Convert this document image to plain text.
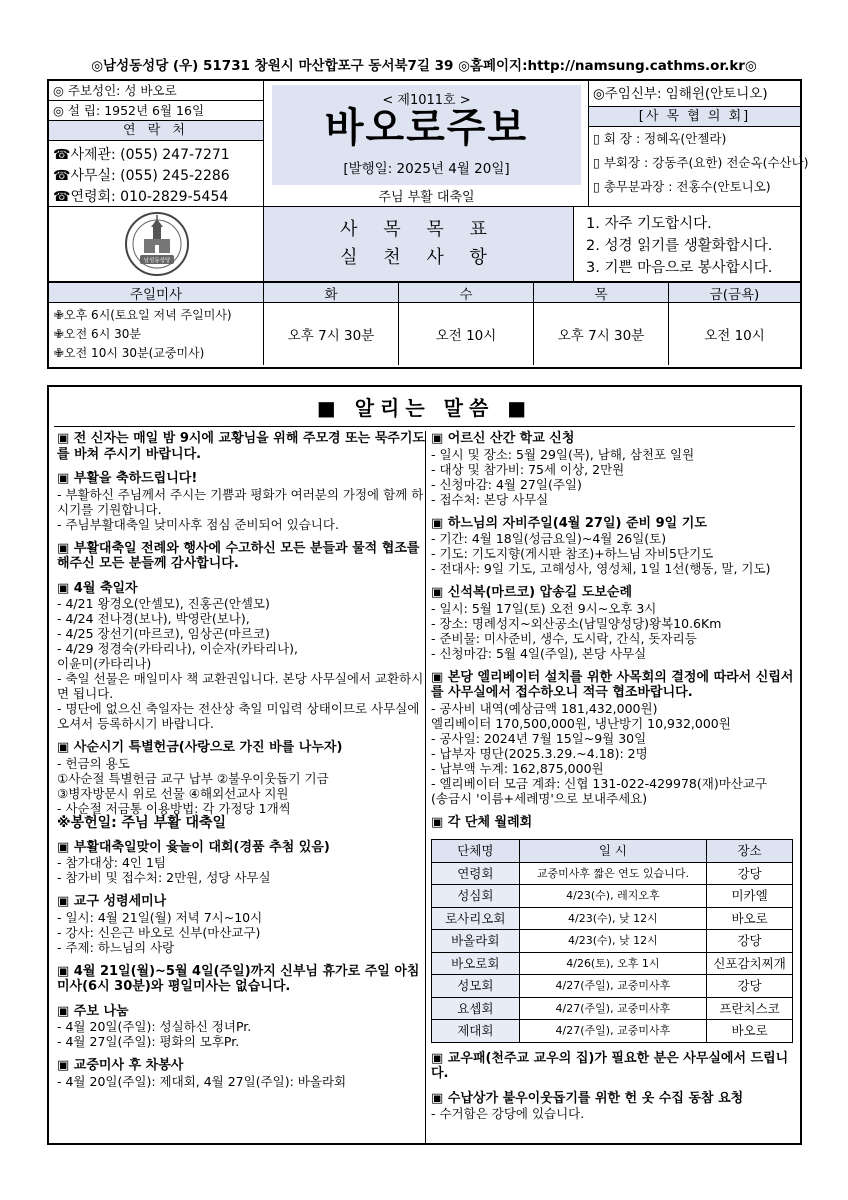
◎남성동성당 (우) 51731 창원시 마산합포구 동서북7길 39 ◎홈페이지:http://namsung.cathms.or.kr◎
◎ 주보성인: 성 바오로
◎ 설 립: 1952년 6월 16일
연 락 처
☎사제관: (055) 247-7271
☎사무실: (055) 245-2286
☎연령회: 010-2829-5454
< 제1011호 >
바오로주보
[발행일: 2025년 4월 20일]
주님 부활 대축일
◎주임신부: 임해윈(안토니오)
[사 목 협 의 회]
▯ 회 장 : 정혜옥(안젤라)
▯ 부회장 : 강동주(요한) 전순옥(수산나)
▯ 총무분과장 : 전홍수(안토니오)
남성동성당
사 목 목 표
실 천 사 항
1. 자주 기도합시다.
2. 성경 읽기를 생활화합시다.
3. 기쁜 마음으로 봉사합시다.
주일미사	화	수	목	금(금욕)
✙오후 6시(토요일 저녁 주일미사)
✙오전 6시 30분
✙오전 10시 30분(교중미사)
오후 7시 30분	오전 10시	오후 7시 30분	오전 10시
■ 알리는 말씀 ■
▣ 전 신자는 매일 밤 9시에 교황님을 위해 주모경 또는 묵주기도를 바쳐 주시기 바랍니다.
▣ 부활을 축하드립니다!
- 부활하신 주님께서 주시는 기쁨과 평화가 여러분의 가정에 함께 하시기를 기원합니다.
- 주님부활대축일 낮미사후 점심 준비되어 있습니다.
▣ 부활대축일 전례와 행사에 수고하신 모든 분들과 물적 협조를 해주신 모든 분들께 감사합니다.
▣ 4월 축일자
- 4/21 왕경오(안셀모), 진홍곤(안셀모)
- 4/24 전나경(보나), 박영란(보나),
- 4/25 장선기(마르코), 임상곤(마르코)
- 4/29 정경숙(카타리나), 이순자(카타리나),
이윤미(카타리나)
- 축일 선물은 매일미사 책 교환권입니다. 본당 사무실에서 교환하시면 됩니다.
- 명단에 없으신 축일자는 전산상 축일 미입력 상태이므로 사무실에 오셔서 등록하시기 바랍니다.
▣ 사순시기 특별헌금(사랑으로 가진 바를 나누자)
- 헌금의 용도
①사순절 특별헌금 교구 납부 ②불우이웃돕기 기금
③병자방문시 위로 선물 ④해외선교사 지원
- 사순절 저금통 이용방법: 각 가정당 1개씩
※봉헌일: 주님 부활 대축일
▣ 부활대축일맞이 윷놀이 대회(경품 추첨 있음)
- 참가대상: 4인 1팀
- 참가비 및 접수처: 2만원, 성당 사무실
▣ 교구 성령세미나
- 일시: 4월 21일(월) 저녁 7시~10시
- 강사: 신은근 바오로 신부(마산교구)
- 주제: 하느님의 사랑
▣ 4월 21일(월)~5월 4일(주일)까지 신부님 휴가로 주일 아침미사(6시 30분)와 평일미사는 없습니다.
▣ 주보 나눔
- 4월 20일(주일): 성실하신 정녀Pr.
- 4월 27일(주일): 평화의 모후Pr.
▣ 교중미사 후 차봉사
- 4월 20일(주일): 제대회, 4월 27일(주일): 바올라회
▣ 어르신 산간 학교 신청
- 일시 및 장소: 5월 29일(목), 남해, 삼천포 일원
- 대상 및 참가비: 75세 이상, 2만원
- 신청마감: 4월 27일(주일)
- 접수처: 본당 사무실
▣ 하느님의 자비주일(4월 27일) 준비 9일 기도
- 기간: 4월 18일(성금요일)~4월 26일(토)
- 기도: 기도지향(게시판 참조)+하느님 자비5단기도
- 전대사: 9일 기도, 고해성사, 영성체, 1일 1선(행동, 말, 기도)
▣ 신석복(마르코) 압송길 도보순례
- 일시: 5월 17일(토) 오전 9시~오후 3시
- 장소: 명례성지~외산공소(남밀양성당)왕복10.6Km
- 준비물: 미사준비, 생수, 도시락, 간식, 돗자리등
- 신청마감: 5월 4일(주일), 본당 사무실
▣ 본당 엘리베이터 설치를 위한 사목회의 결정에 따라서 신립서를 사무실에서 접수하오니 적극 협조바랍니다.
- 공사비 내역(예상금액 181,432,000원)
엘리베이터 170,500,000원, 냉난방기 10,932,000원
- 공사일: 2024년 7월 15일~9월 30일
- 납부자 명단(2025.3.29.~4.18): 2명
- 납부액 누계: 162,875,000원
- 엘리베이터 모금 계좌: 신협 131-022-429978(재)마산교구
(송금시 '이름+세례명'으로 보내주세요)
▣ 각 단체 월례회
단체명	일 시	장소
연령회	교중미사후 짧은 연도 있습니다.	강당
성심회	4/23(수), 레지오후	미카엘
로사리오회	4/23(수), 낮 12시	바오로
바올라회	4/23(수), 낮 12시	강당
바오로회	4/26(토), 오후 1시	신포감치찌개
성모회	4/27(주일), 교중미사후	강당
요셉회	4/27(주일), 교중미사후	프란치스코
제대회	4/27(주일), 교중미사후	바오로
▣ 교우패(천주교 교우의 집)가 필요한 분은 사무실에서 드립니다.
▣ 수납상가 불우이웃돕기를 위한 헌 옷 수집 동참 요청
- 수거함은 강당에 있습니다.
